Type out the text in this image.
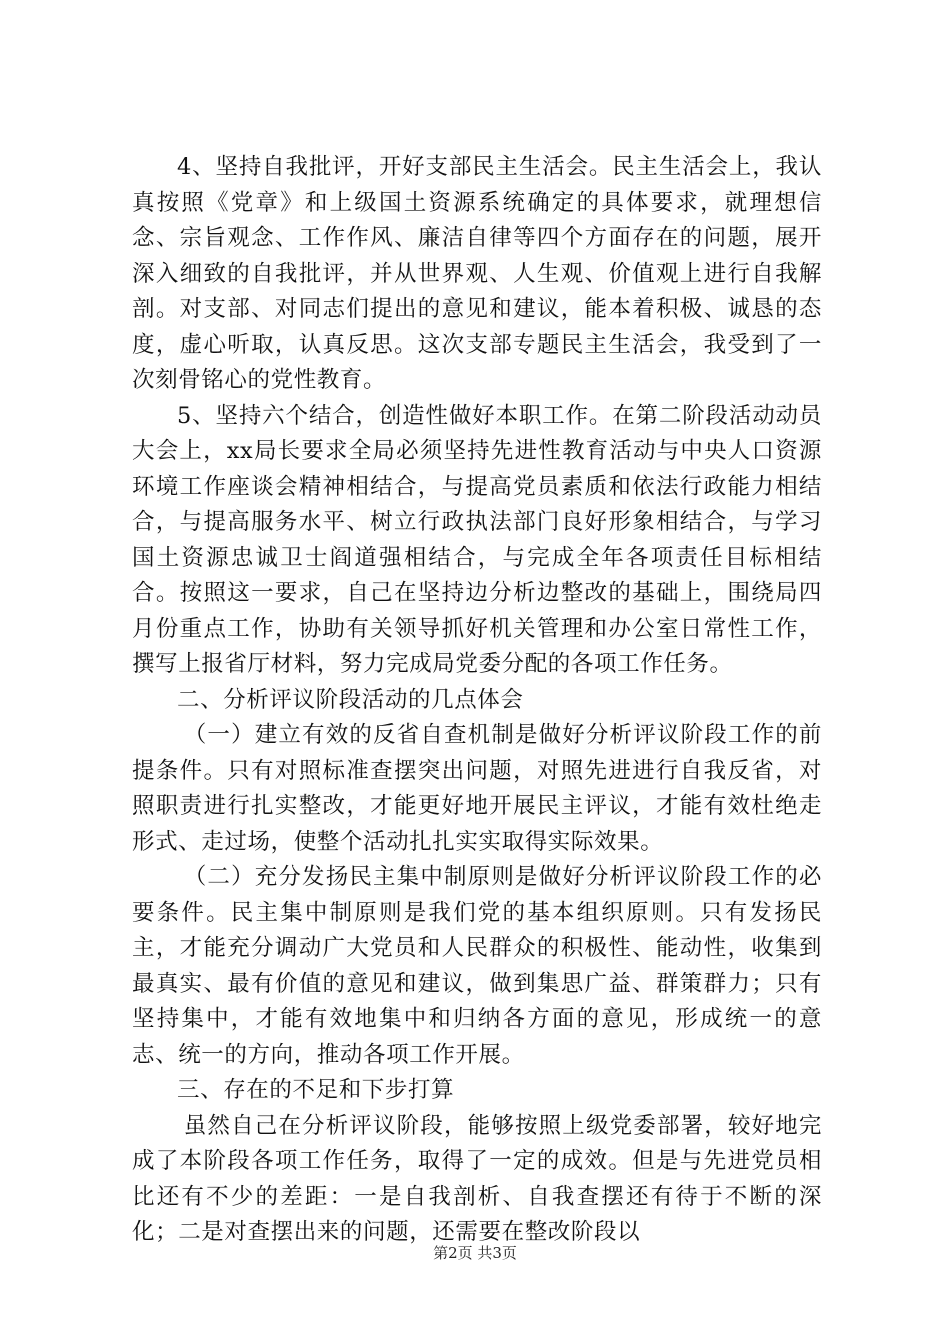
4、坚持自我批评，开好支部民主生活会。民主生活会上，我认真按照《党章》和上级国土资源系统确定的具体要求，就理想信念、宗旨观念、工作作风、廉洁自律等四个方面存在的问题，展开深入细致的自我批评，并从世界观、人生观、价值观上进行自我解剖。对支部、对同志们提出的意见和建议，能本着积极、诚恳的态度，虚心听取，认真反思。这次支部专题民主生活会，我受到了一次刻骨铭心的党性教育。

5、坚持六个结合，创造性做好本职工作。在第二阶段活动动员大会上，xx局长要求全局必须坚持先进性教育活动与中央人口资源环境工作座谈会精神相结合，与提高党员素质和依法行政能力相结合，与提高服务水平、树立行政执法部门良好形象相结合，与学习国土资源忠诚卫士阎道强相结合，与完成全年各项责任目标相结合。按照这一要求，自己在坚持边分析边整改的基础上，围绕局四月份重点工作，协助有关领导抓好机关管理和办公室日常性工作，撰写上报省厅材料，努力完成局党委分配的各项工作任务。

二、分析评议阶段活动的几点体会

（一）建立有效的反省自查机制是做好分析评议阶段工作的前提条件。只有对照标准查摆突出问题，对照先进进行自我反省，对照职责进行扎实整改，才能更好地开展民主评议，才能有效杜绝走形式、走过场，使整个活动扎扎实实取得实际效果。

（二）充分发扬民主集中制原则是做好分析评议阶段工作的必要条件。民主集中制原则是我们党的基本组织原则。只有发扬民主，才能充分调动广大党员和人民群众的积极性、能动性，收集到最真实、最有价值的意见和建议，做到集思广益、群策群力；只有坚持集中，才能有效地集中和归纳各方面的意见，形成统一的意志、统一的方向，推动各项工作开展。

三、存在的不足和下步打算

虽然自己在分析评议阶段，能够按照上级党委部署，较好地完成了本阶段各项工作任务，取得了一定的成效。但是与先进党员相比还有不少的差距：一是自我剖析、自我查摆还有待于不断的深化；二是对查摆出来的问题，还需要在整改阶段以

第2页 共3页
